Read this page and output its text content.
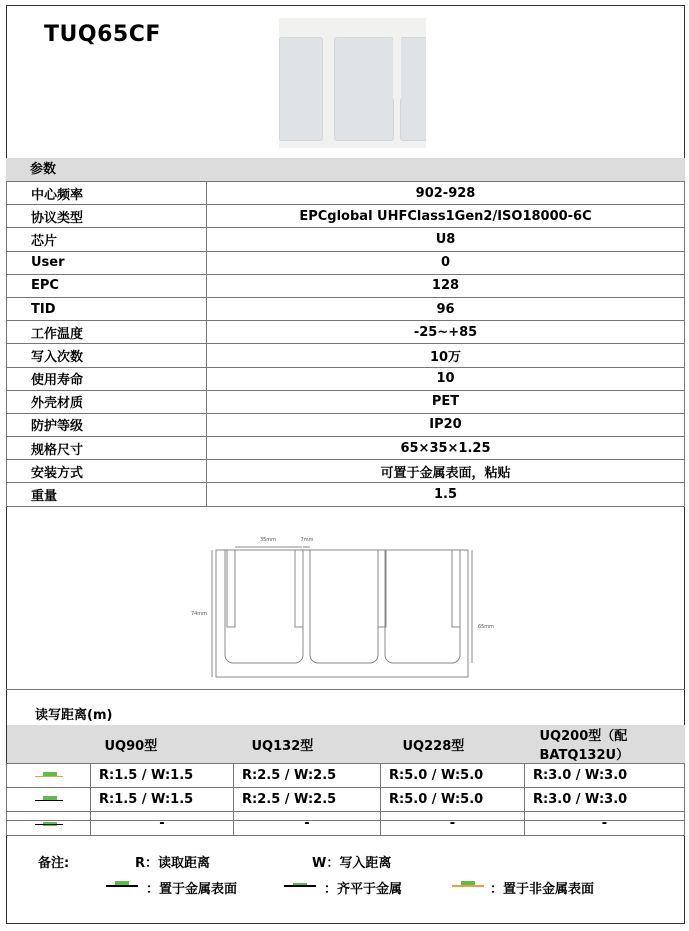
TUQ65CF
参数
中心频率	902-928
协议类型	EPCglobal UHFClass1Gen2/ISO18000-6C
芯片	U8
User	0
EPC	128
TID	96
工作温度	-25~+85
写入次数	10万
使用寿命	10
外壳材质	PET
防护等级	IP20
规格尺寸	65×35×1.25
安装方式	可置于金属表面，粘贴
重量	1.5
35mm	7mm
74mm
65mm
读写距离(m)
	UQ90型	UQ132型	UQ228型	UQ200型（配BATQ132U）

	R:1.5 / W:1.5	R:2.5 / W:2.5	R:5.0 / W:5.0	R:3.0 / W:3.0

	R:1.5 / W:1.5	R:2.5 / W:2.5	R:5.0 / W:5.0	R:3.0 / W:3.0

	-	-	-	-
备注:	R：读取距离	W：写入距离
：置于金属表面	：齐平于金属	：置于非金属表面
